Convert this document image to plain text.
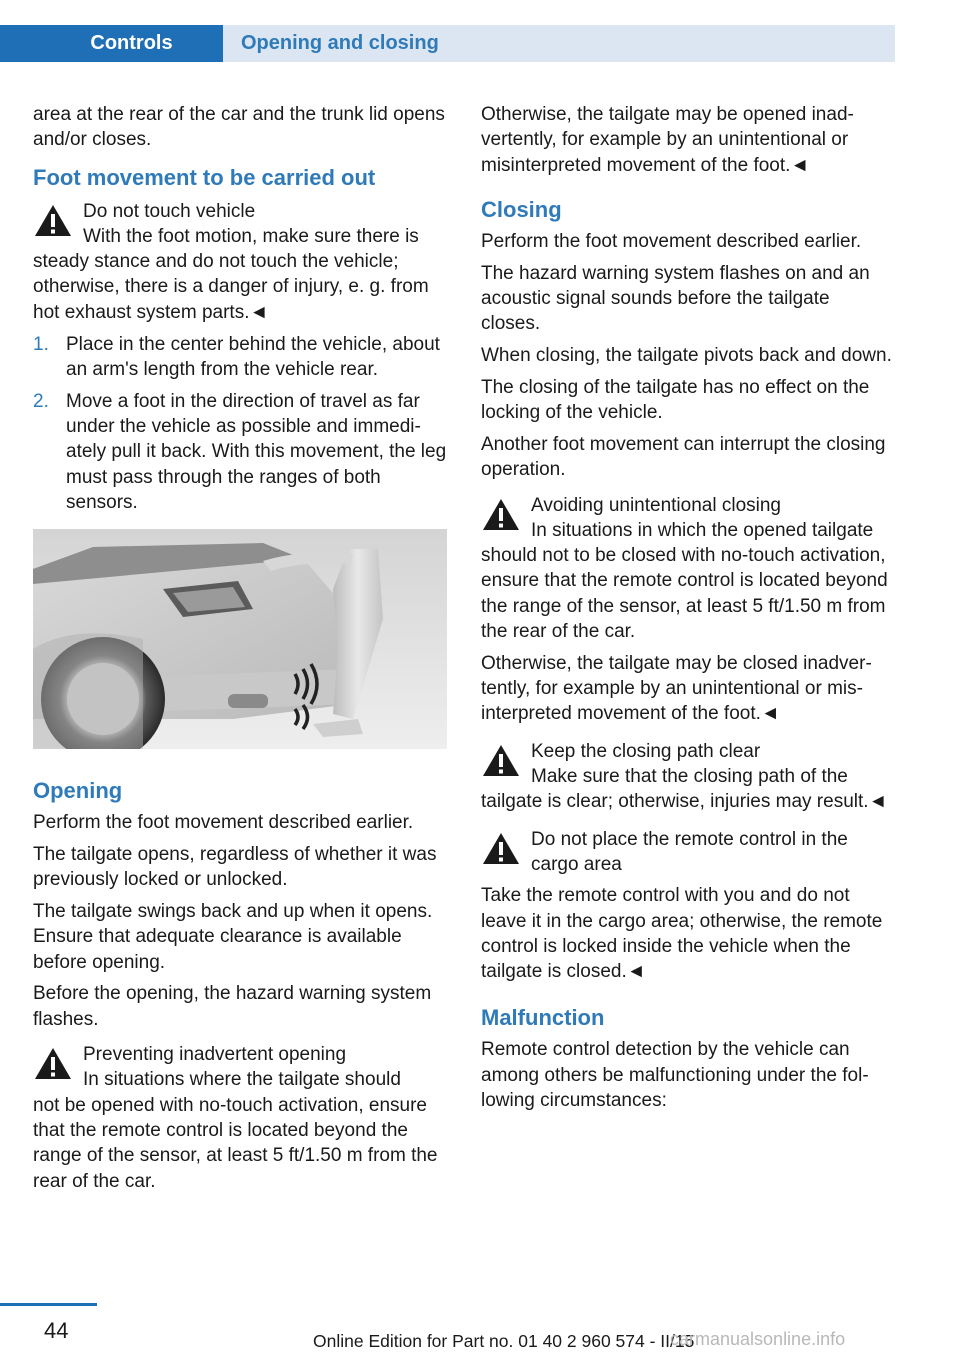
Controls	Opening and closing

area at the rear of the car and the trunk lid opens and/or closes.

Foot movement to be carried out
Do not touch vehicle
With the foot motion, make sure there is
steady stance and do not touch the vehicle; otherwise, there is a danger of injury, e. g. from hot exhaust system parts.◄
1. Place in the center behind the vehicle, about an arm's length from the vehicle rear.
2. Move a foot in the direction of travel as far under the vehicle as possible and immediately pull it back. With this movement, the leg must pass through the ranges of both sensors.
Opening

Perform the foot movement described earlier.

The tailgate opens, regardless of whether it was previously locked or unlocked.

The tailgate swings back and up when it opens. Ensure that adequate clearance is available before opening.

Before the opening, the hazard warning system flashes.

Preventing inadvertent opening
In situations where the tailgate should
not be opened with no-touch activation, ensure that the remote control is located beyond the range of the sensor, at least 5 ft/1.50 m from the rear of the car.

Otherwise, the tailgate may be opened inadvertently, for example by an unintentional or misinterpreted movement of the foot.◄

Closing

Perform the foot movement described earlier.

The hazard warning system flashes on and an acoustic signal sounds before the tailgate closes.

When closing, the tailgate pivots back and down.

The closing of the tailgate has no effect on the locking of the vehicle.

Another foot movement can interrupt the closing operation.

Avoiding unintentional closing
In situations in which the opened tailgate
should not to be closed with no-touch activation, ensure that the remote control is located beyond the range of the sensor, at least 5 ft/1.50 m from the rear of the car.

Otherwise, the tailgate may be closed inadvertently, for example by an unintentional or misinterpreted movement of the foot.◄

Keep the closing path clear
Make sure that the closing path of the
tailgate is clear; otherwise, injuries may result.◄
Do not place the remote control in the cargo area
Take the remote control with you and do not leave it in the cargo area; otherwise, the remote control is locked inside the vehicle when the tailgate is closed.◄
Malfunction

Remote control detection by the vehicle can among others be malfunctioning under the following circumstances:

44	Online Edition for Part no. 01 40 2 960 574 - II/15
carmanualsonline.info
